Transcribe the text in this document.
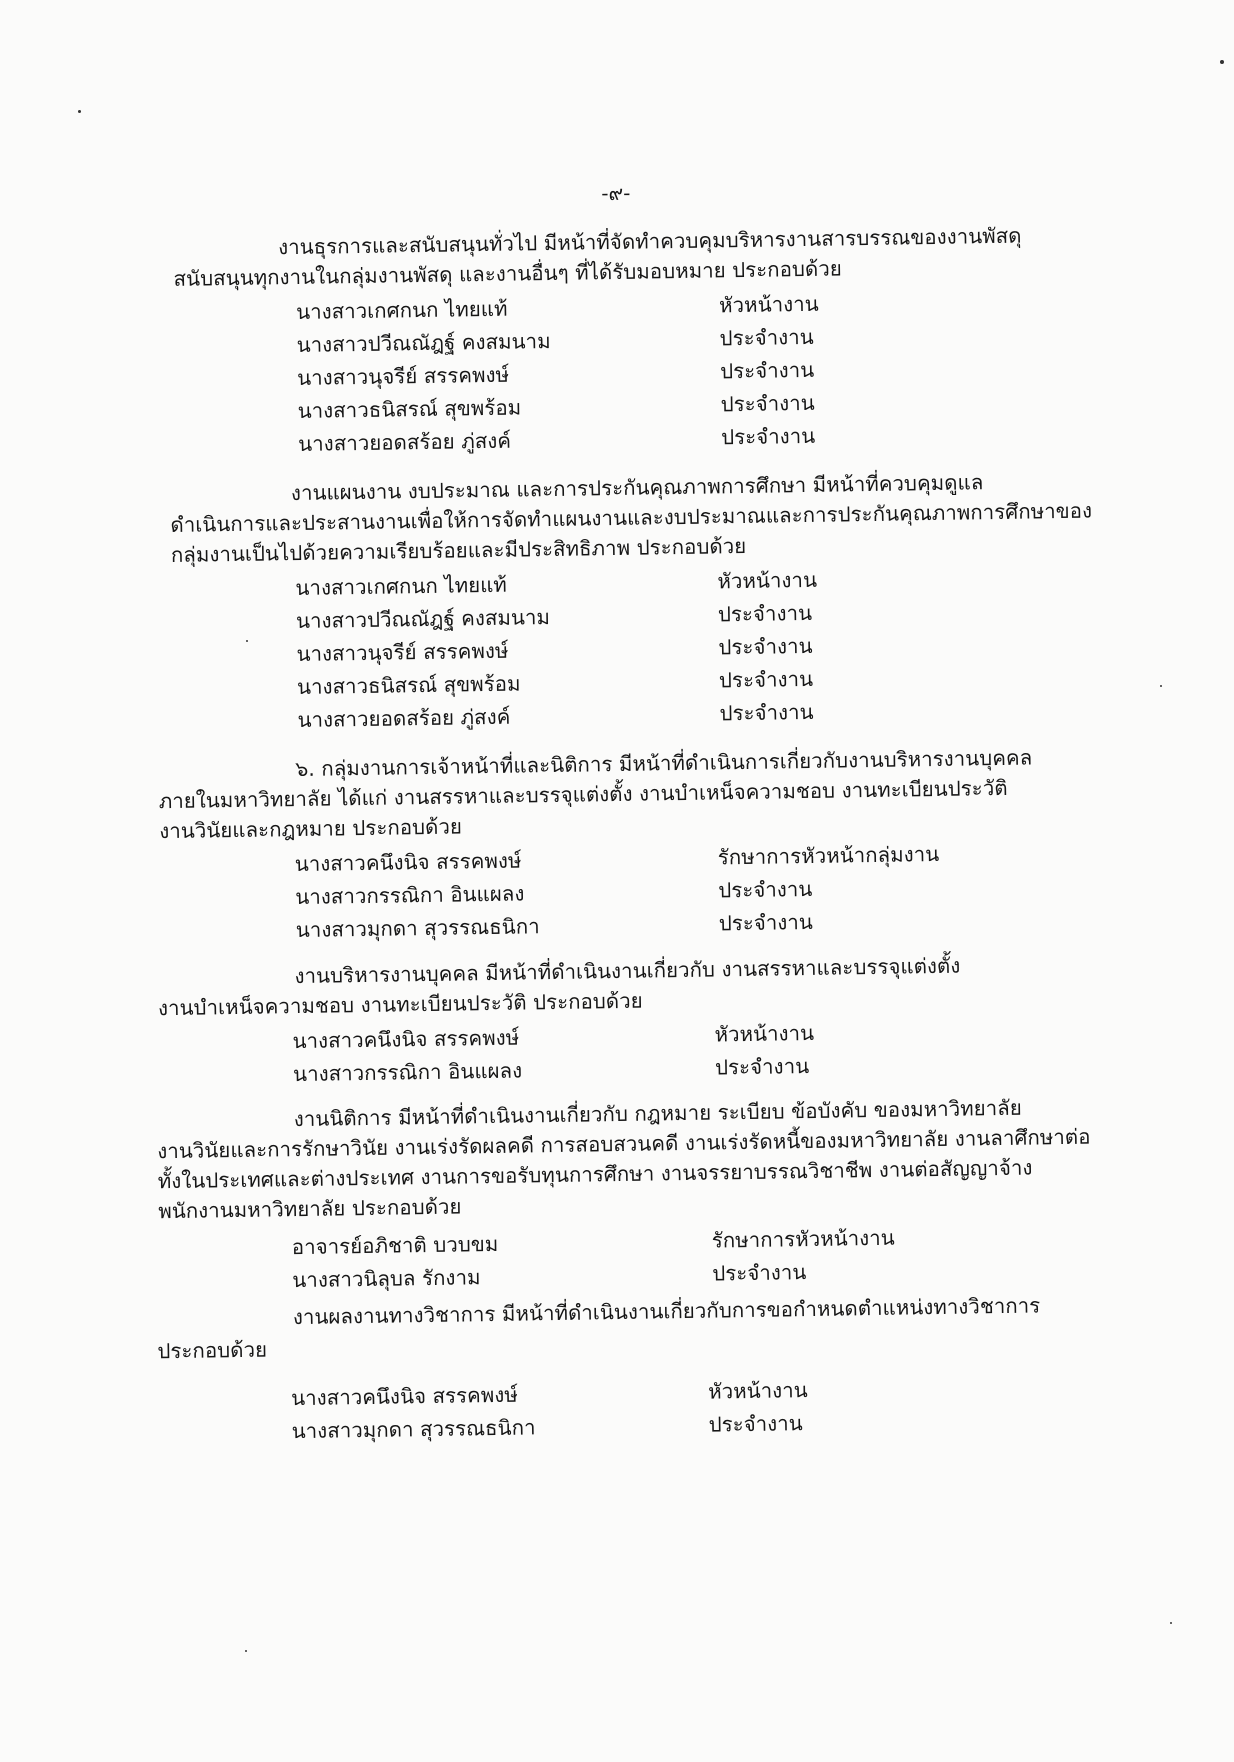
-๙-
งานธุรการและสนับสนุนทั่วไป มีหน้าที่จัดทำควบคุมบริหารงานสารบรรณของงานพัสดุ
สนับสนุนทุกงานในกลุ่มงานพัสดุ และงานอื่นๆ ที่ได้รับมอบหมาย ประกอบด้วย
นางสาวเกศกนก ไทยแท้	หัวหน้างาน
นางสาวปวีณณัฎฐ์ คงสมนาม	ประจำงาน
นางสาวนุจรีย์ สรรคพงษ์	ประจำงาน
นางสาวธนิสรณ์ สุขพร้อม	ประจำงาน
นางสาวยอดสร้อย ภู่สงค์	ประจำงาน
งานแผนงาน งบประมาณ และการประกันคุณภาพการศึกษา มีหน้าที่ควบคุมดูแล
ดำเนินการและประสานงานเพื่อให้การจัดทำแผนงานและงบประมาณและการประกันคุณภาพการศึกษาของ
กลุ่มงานเป็นไปด้วยความเรียบร้อยและมีประสิทธิภาพ ประกอบด้วย
นางสาวเกศกนก ไทยแท้	หัวหน้างาน
นางสาวปวีณณัฎฐ์ คงสมนาม	ประจำงาน
นางสาวนุจรีย์ สรรคพงษ์	ประจำงาน
นางสาวธนิสรณ์ สุขพร้อม	ประจำงาน
นางสาวยอดสร้อย ภู่สงค์	ประจำงาน
๖. กลุ่มงานการเจ้าหน้าที่และนิติการ มีหน้าที่ดำเนินการเกี่ยวกับงานบริหารงานบุคคล
ภายในมหาวิทยาลัย ได้แก่ งานสรรหาและบรรจุแต่งตั้ง งานบำเหน็จความชอบ งานทะเบียนประวัติ
งานวินัยและกฎหมาย ประกอบด้วย
นางสาวคนึงนิจ สรรคพงษ์	รักษาการหัวหน้ากลุ่มงาน
นางสาวกรรณิกา อินแผลง	ประจำงาน
นางสาวมุกดา สุวรรณธนิกา	ประจำงาน
งานบริหารงานบุคคล มีหน้าที่ดำเนินงานเกี่ยวกับ งานสรรหาและบรรจุแต่งตั้ง
งานบำเหน็จความชอบ งานทะเบียนประวัติ ประกอบด้วย
นางสาวคนึงนิจ สรรคพงษ์	หัวหน้างาน
นางสาวกรรณิกา อินแผลง	ประจำงาน
งานนิติการ มีหน้าที่ดำเนินงานเกี่ยวกับ กฎหมาย ระเบียบ ข้อบังคับ ของมหาวิทยาลัย
งานวินัยและการรักษาวินัย งานเร่งรัดผลคดี การสอบสวนคดี งานเร่งรัดหนี้ของมหาวิทยาลัย งานลาศึกษาต่อ
ทั้งในประเทศและต่างประเทศ งานการขอรับทุนการศึกษา งานจรรยาบรรณวิชาชีพ งานต่อสัญญาจ้าง
พนักงานมหาวิทยาลัย ประกอบด้วย
อาจารย์อภิชาติ บวบขม	รักษาการหัวหน้างาน
นางสาวนิลุบล รักงาม	ประจำงาน
งานผลงานทางวิชาการ มีหน้าที่ดำเนินงานเกี่ยวกับการขอกำหนดตำแหน่งทางวิชาการ
ประกอบด้วย
นางสาวคนึงนิจ สรรคพงษ์	หัวหน้างาน
นางสาวมุกดา สุวรรณธนิกา	ประจำงาน
